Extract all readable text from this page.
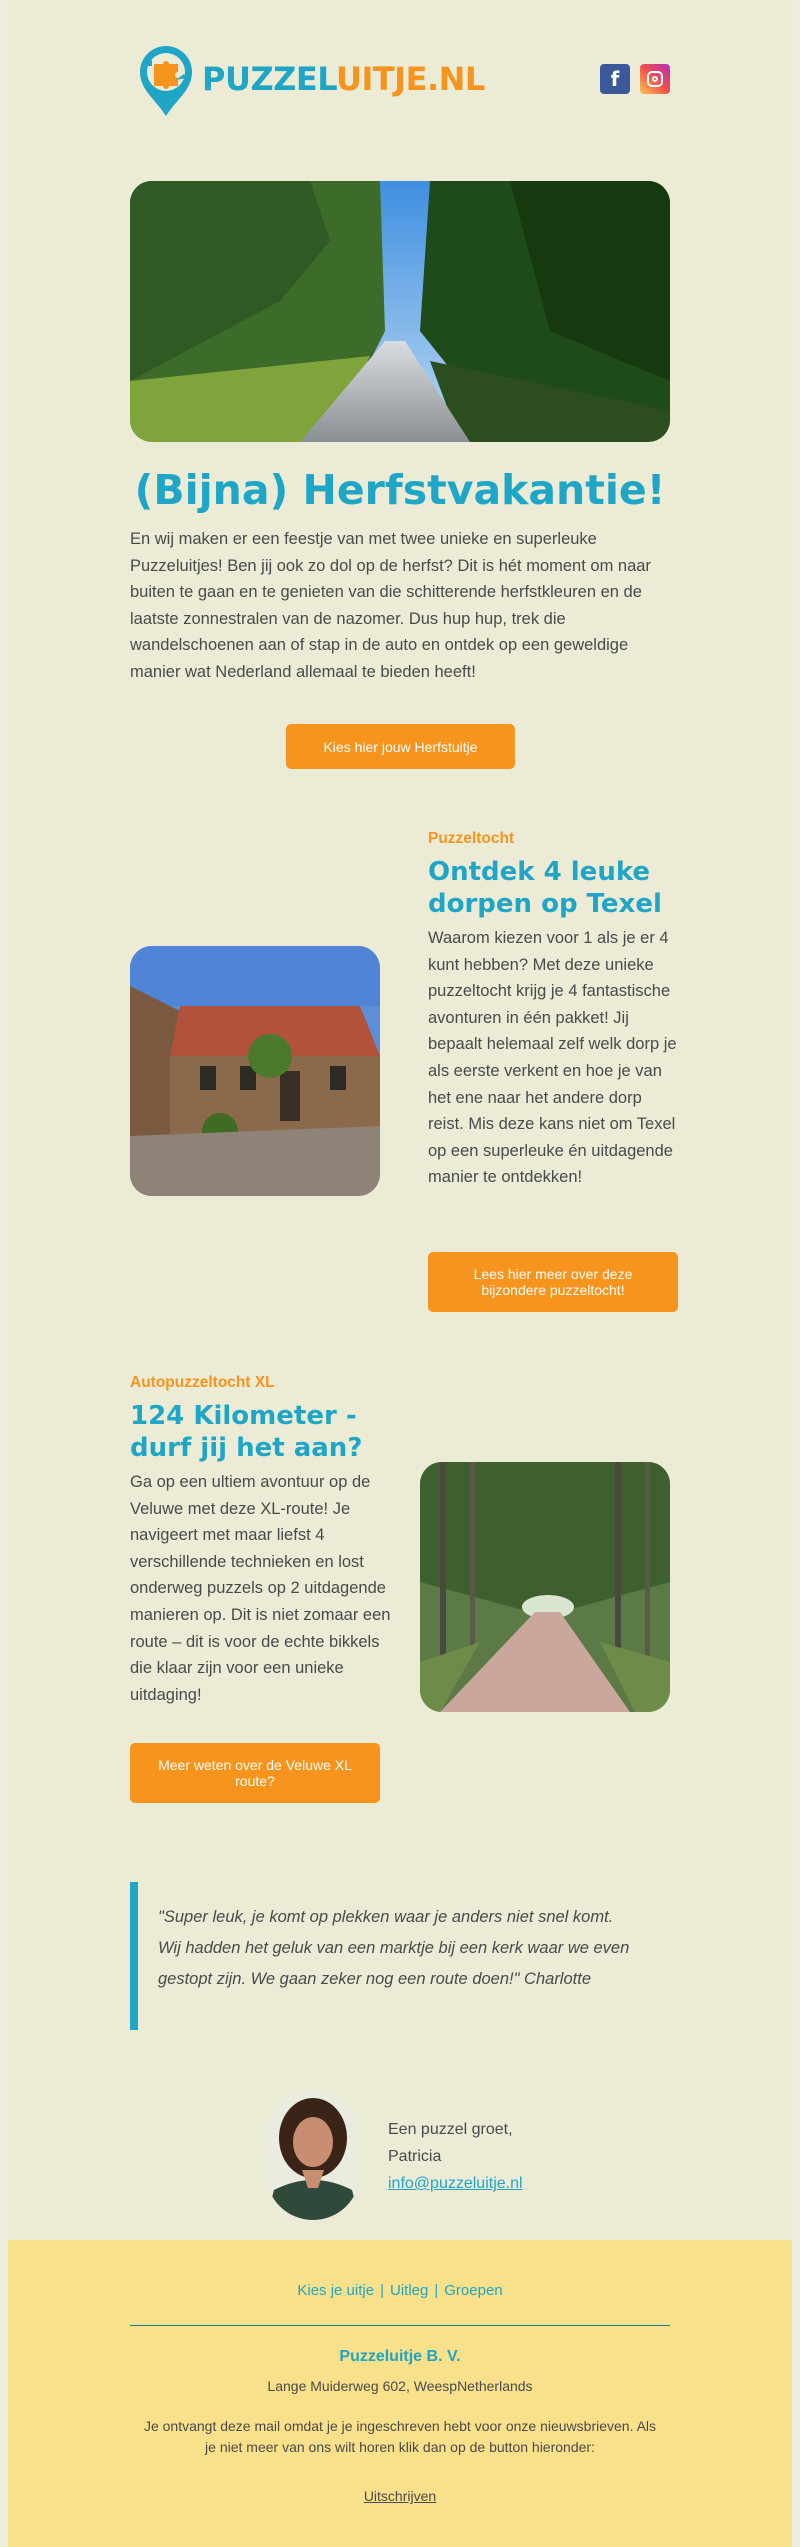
PUZZELUITJE.NL	f
(Bijna) Herfstvakantie!

En wij maken er een feestje van met twee unieke en superleuke Puzzeluitjes! Ben jij ook zo dol op de herfst? Dit is hét moment om naar buiten te gaan en te genieten van die schitterende herfstkleuren en de laatste zonnestralen van de nazomer. Dus hup hup, trek die wandelschoenen aan of stap in de auto en ontdek op een geweldige manier wat Nederland allemaal te bieden heeft!

Kies hier jouw Herfstuitje
Puzzeltocht
Ontdek 4 leuke dorpen op Texel
Waarom kiezen voor 1 als je er 4 kunt hebben? Met deze unieke puzzeltocht krijg je 4 fantastische avonturen in één pakket! Jij bepaalt helemaal zelf welk dorp je als eerste verkent en hoe je van het ene naar het andere dorp reist. Mis deze kans niet om Texel op een superleuke én uitdagende manier te ontdekken!
Lees hier meer over deze bijzondere puzzeltocht!
Autopuzzeltocht XL
124 Kilometer - durf jij het aan?
Ga op een ultiem avontuur op de Veluwe met deze XL-route! Je navigeert met maar liefst 4 verschillende technieken en lost onderweg puzzels op 2 uitdagende manieren op. Dit is niet zomaar een route – dit is voor de echte bikkels die klaar zijn voor een unieke uitdaging!
Meer weten over de Veluwe XL route?
"Super leuk, je komt op plekken waar je anders niet snel komt. Wij hadden het geluk van een marktje bij een kerk waar we even gestopt zijn. We gaan zeker nog een route doen!" Charlotte
Een puzzel groet,
Patricia
info@puzzeluitje.nl
Kies je uitje | Uitleg | Groepen
Puzzeluitje B. V.
Lange Muiderweg 602, WeespNetherlands
Je ontvangt deze mail omdat je je ingeschreven hebt voor onze nieuwsbrieven. Als je niet meer van ons wilt horen klik dan op de button hieronder:
Uitschrijven
